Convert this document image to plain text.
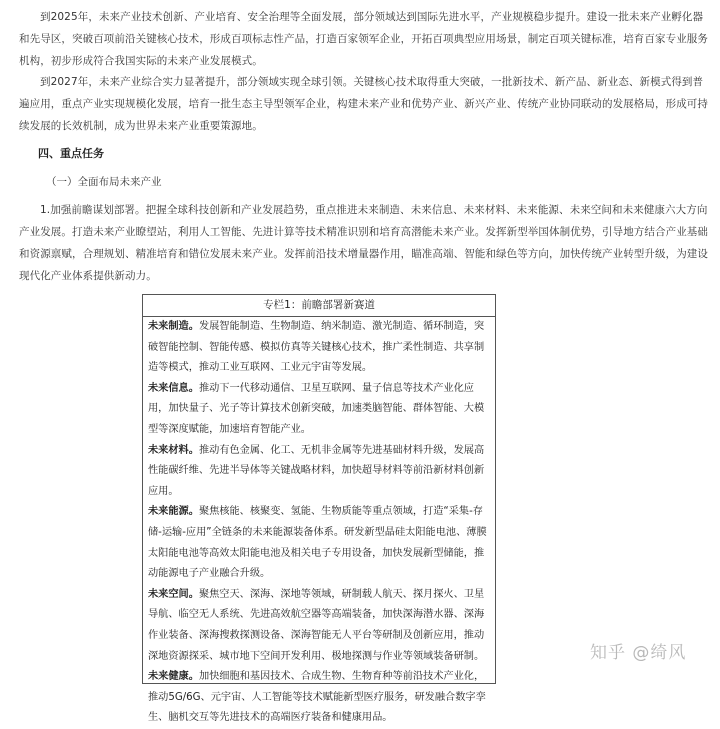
到2025年，未来产业技术创新、产业培育、安全治理等全面发展，部分领域达到国际先进水平，产业规模稳步提升。建设一批未来产业孵化器和先导区，突破百项前沿关键核心技术，形成百项标志性产品，打造百家领军企业，开拓百项典型应用场景，制定百项关键标准，培育百家专业服务机构，初步形成符合我国实际的未来产业发展模式。

到2027年，未来产业综合实力显著提升，部分领域实现全球引领。关键核心技术取得重大突破，一批新技术、新产品、新业态、新模式得到普遍应用，重点产业实现规模化发展，培育一批生态主导型领军企业，构建未来产业和优势产业、新兴产业、传统产业协同联动的发展格局，形成可持续发展的长效机制，成为世界未来产业重要策源地。

四、重点任务
（一）全面布局未来产业

1.加强前瞻谋划部署。把握全球科技创新和产业发展趋势，重点推进未来制造、未来信息、未来材料、未来能源、未来空间和未来健康六大方向产业发展。打造未来产业瞭望站，利用人工智能、先进计算等技术精准识别和培育高潜能未来产业。发挥新型举国体制优势，引导地方结合产业基础和资源禀赋，合理规划、精准培育和错位发展未来产业。发挥前沿技术增量器作用，瞄准高端、智能和绿色等方向，加快传统产业转型升级，为建设现代化产业体系提供新动力。

专栏1：前瞻部署新赛道
未来制造。发展智能制造、生物制造、纳米制造、激光制造、循环制造，突破智能控制、智能传感、模拟仿真等关键核心技术，推广柔性制造、共享制造等模式，推动工业互联网、工业元宇宙等发展。
未来信息。推动下一代移动通信、卫星互联网、量子信息等技术产业化应用，加快量子、光子等计算技术创新突破，加速类脑智能、群体智能、大模型等深度赋能，加速培育智能产业。
未来材料。推动有色金属、化工、无机非金属等先进基础材料升级，发展高性能碳纤维、先进半导体等关键战略材料，加快超导材料等前沿新材料创新应用。
未来能源。聚焦核能、核聚变、氢能、生物质能等重点领域，打造“采集-存储-运输-应用”全链条的未来能源装备体系。研发新型晶硅太阳能电池、薄膜太阳能电池等高效太阳能电池及相关电子专用设备，加快发展新型储能，推动能源电子产业融合升级。
未来空间。聚焦空天、深海、深地等领域，研制载人航天、探月探火、卫星导航、临空无人系统、先进高效航空器等高端装备，加快深海潜水器、深海作业装备、深海搜救探测设备、深海智能无人平台等研制及创新应用，推动深地资源探采、城市地下空间开发利用、极地探测与作业等领域装备研制。
未来健康。加快细胞和基因技术、合成生物、生物育种等前沿技术产业化，推动5G/6G、元宇宙、人工智能等技术赋能新型医疗服务，研发融合数字孪生、脑机交互等先进技术的高端医疗装备和健康用品。
知乎 @绮风
